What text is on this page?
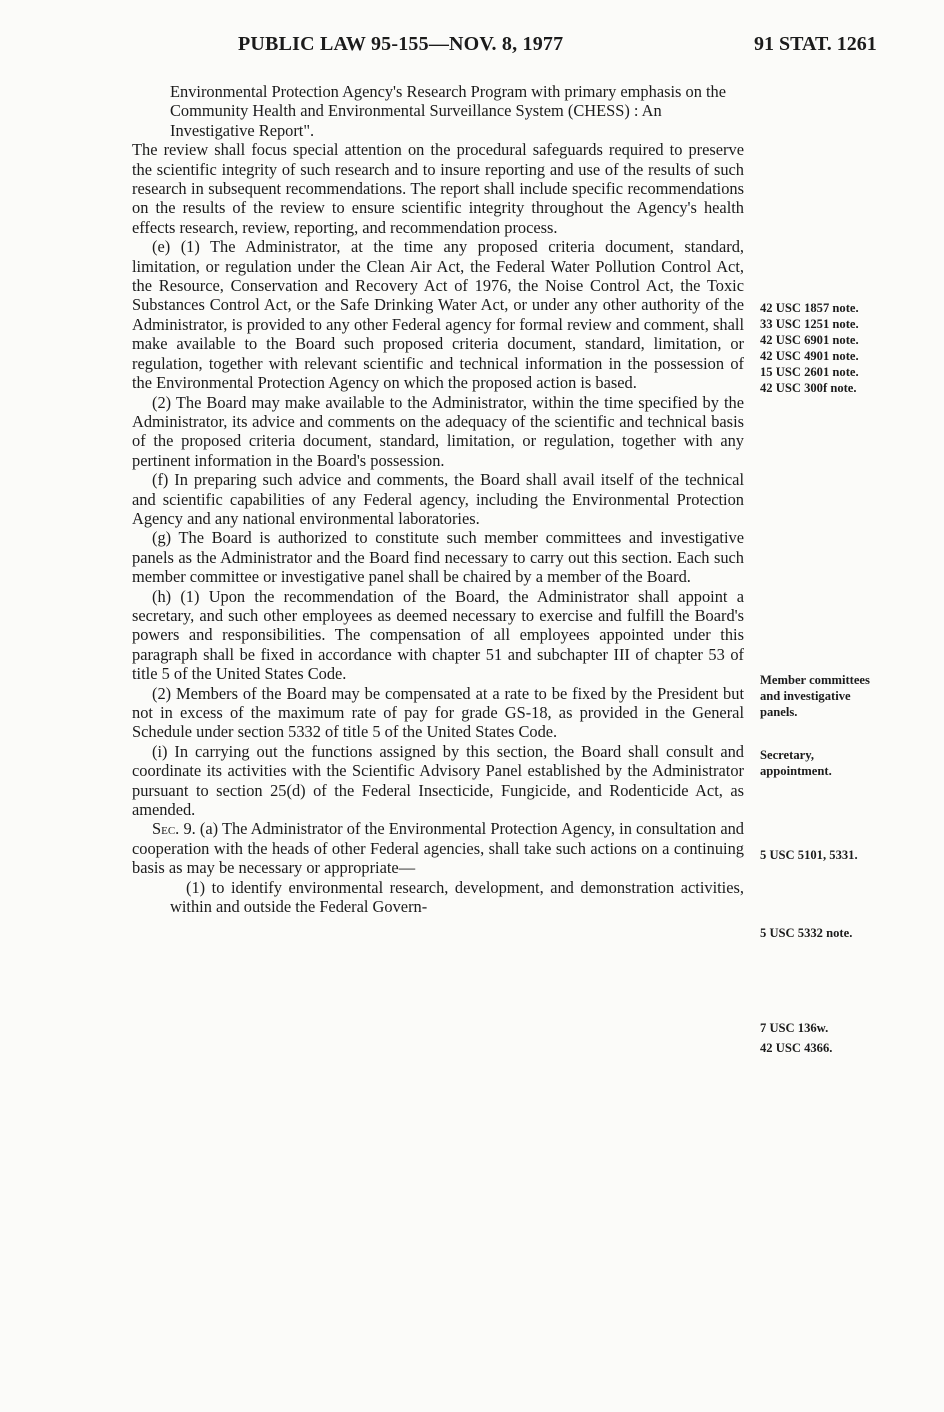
PUBLIC LAW 95-155—NOV. 8, 1977	91 STAT. 1261

Environmental Protection Agency's Research Program with primary emphasis on the Community Health and Environmental Surveillance System (CHESS) : An Investigative Report".

The review shall focus special attention on the procedural safeguards required to preserve the scientific integrity of such research and to insure reporting and use of the results of such research in subsequent recommendations. The report shall include specific recommendations on the results of the review to ensure scientific integrity throughout the Agency's health effects research, review, reporting, and recommendation process.

(e) (1) The Administrator, at the time any proposed criteria document, standard, limitation, or regulation under the Clean Air Act, the Federal Water Pollution Control Act, the Resource, Conservation and Recovery Act of 1976, the Noise Control Act, the Toxic Substances Control Act, or the Safe Drinking Water Act, or under any other authority of the Administrator, is provided to any other Federal agency for formal review and comment, shall make available to the Board such proposed criteria document, standard, limitation, or regulation, together with relevant scientific and technical information in the possession of the Environmental Protection Agency on which the proposed action is based.

(2) The Board may make available to the Administrator, within the time specified by the Administrator, its advice and comments on the adequacy of the scientific and technical basis of the proposed criteria document, standard, limitation, or regulation, together with any pertinent information in the Board's possession.

(f) In preparing such advice and comments, the Board shall avail itself of the technical and scientific capabilities of any Federal agency, including the Environmental Protection Agency and any national environmental laboratories.

(g) The Board is authorized to constitute such member committees and investigative panels as the Administrator and the Board find necessary to carry out this section. Each such member committee or investigative panel shall be chaired by a member of the Board.

(h) (1) Upon the recommendation of the Board, the Administrator shall appoint a secretary, and such other employees as deemed necessary to exercise and fulfill the Board's powers and responsibilities. The compensation of all employees appointed under this paragraph shall be fixed in accordance with chapter 51 and subchapter III of chapter 53 of title 5 of the United States Code.

(2) Members of the Board may be compensated at a rate to be fixed by the President but not in excess of the maximum rate of pay for grade GS-18, as provided in the General Schedule under section 5332 of title 5 of the United States Code.

(i) In carrying out the functions assigned by this section, the Board shall consult and coordinate its activities with the Scientific Advisory Panel established by the Administrator pursuant to section 25(d) of the Federal Insecticide, Fungicide, and Rodenticide Act, as amended.

Sec. 9. (a) The Administrator of the Environmental Protection Agency, in consultation and cooperation with the heads of other Federal agencies, shall take such actions on a continuing basis as may be necessary or appropriate—

(1) to identify environmental research, development, and demonstration activities, within and outside the Federal Govern-

42 USC 1857 note.
33 USC 1251 note.
42 USC 6901 note.
42 USC 4901 note.
15 USC 2601 note.
42 USC 300f note.
Member committees and investigative panels.
Secretary, appointment.
5 USC 5101, 5331.
5 USC 5332 note.
7 USC 136w.
42 USC 4366.
